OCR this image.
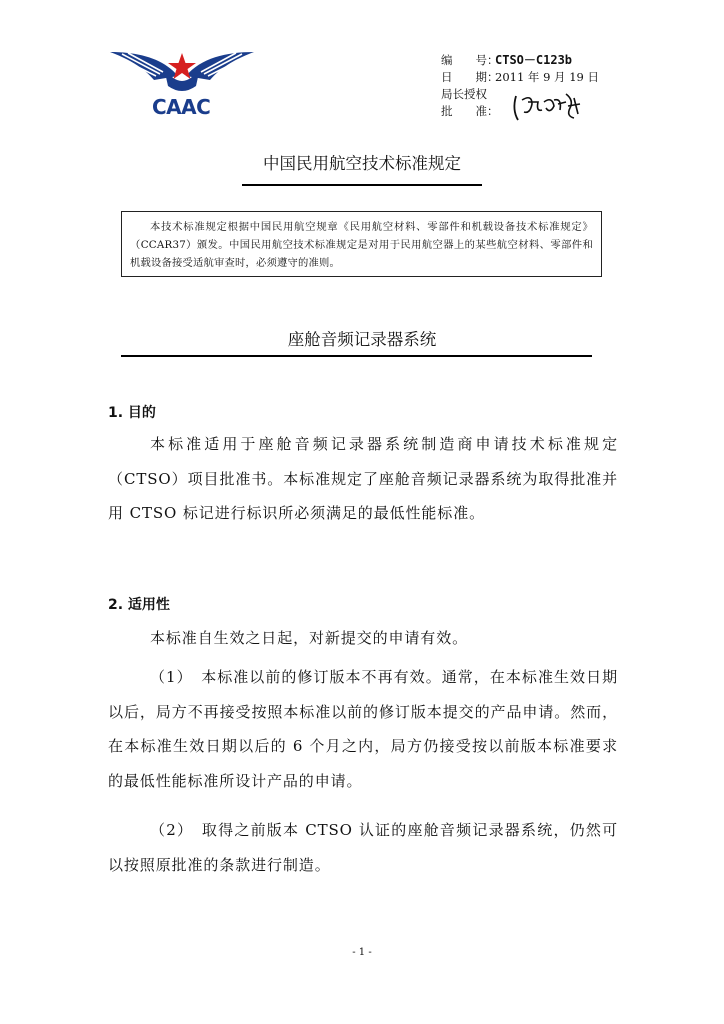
CAAC
编　　号：
CTSO－C123b
日　　期：
2011 年 9 月 19 日
局长授权
批　　准：
中国民用航空技术标准规定
本技术标准规定根据中国民用航空规章《民用航空材料、零部件和机载设备技术标准规定》（CCAR37）颁发。中国民用航空技术标准规定是对用于民用航空器上的某些航空材料、零部件和机载设备接受适航审查时，必须遵守的准则。
座舱音频记录器系统
1. 目的
本标准适用于座舱音频记录器系统制造商申请技术标准规定（CTSO）项目批准书。本标准规定了座舱音频记录器系统为取得批准并用 CTSO 标记进行标识所必须满足的最低性能标准。
2. 适用性
本标准自生效之日起，对新提交的申请有效。
（1）　本标准以前的修订版本不再有效。通常，在本标准生效日期以后，局方不再接受按照本标准以前的修订版本提交的产品申请。然而，在本标准生效日期以后的 6 个月之内，局方仍接受按以前版本标准要求的最低性能标准所设计产品的申请。
（2）　取得之前版本 CTSO 认证的座舱音频记录器系统，仍然可以按照原批准的条款进行制造。
- 1 -
